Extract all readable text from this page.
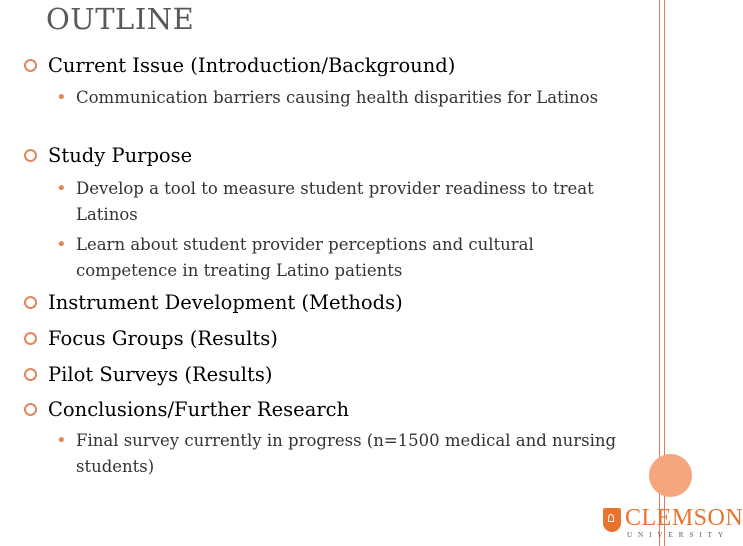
OUTLINE
Current Issue (Introduction/Background)
• Communication barriers causing health disparities for Latinos
Study Purpose
• Develop a tool to measure student provider readiness to treat Latinos
• Learn about student provider perceptions and cultural competence in treating Latino patients
Instrument Development (Methods)
Focus Groups (Results)
Pilot Surveys (Results)
Conclusions/Further Research
• Final survey currently in progress (n=1500 medical and nursing students)
CLEMSON
UNIVERSITY
